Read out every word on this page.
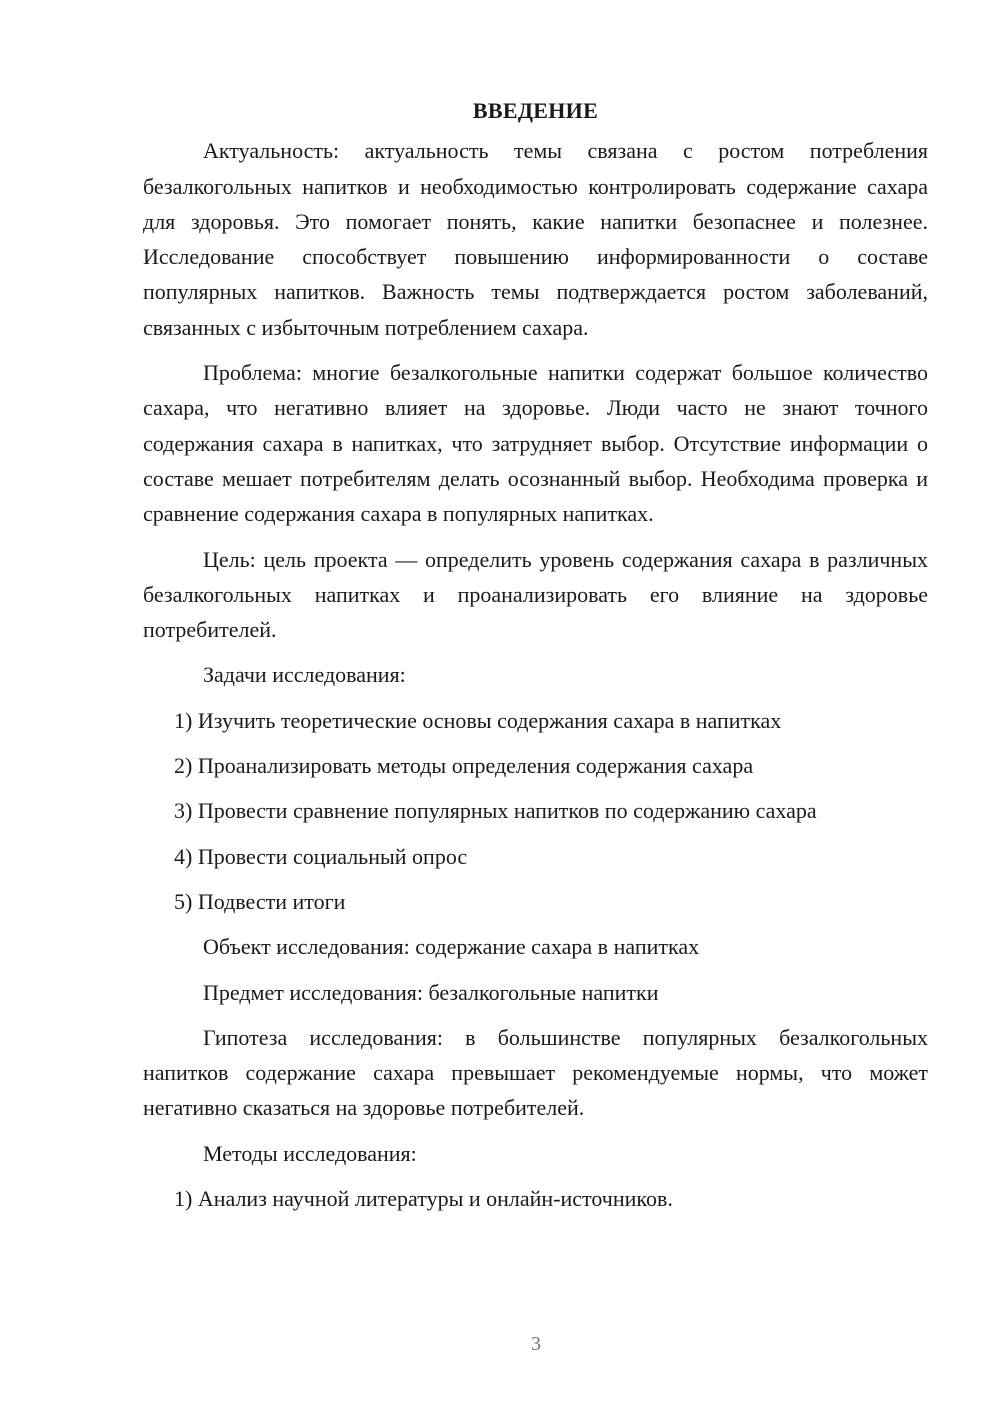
ВВЕДЕНИЕ

Актуальность: актуальность темы связана с ростом потребления безалкогольных напитков и необходимостью контролировать содержание сахара для здоровья. Это помогает понять, какие напитки безопаснее и полезнее. Исследование способствует повышению информированности о составе популярных напитков. Важность темы подтверждается ростом заболеваний, связанных с избыточным потреблением сахара.

Проблема: многие безалкогольные напитки содержат большое количество сахара, что негативно влияет на здоровье. Люди часто не знают точного содержания сахара в напитках, что затрудняет выбор. Отсутствие информации о составе мешает потребителям делать осознанный выбор. Необходима проверка и сравнение содержания сахара в популярных напитках.

Цель: цель проекта — определить уровень содержания сахара в различных безалкогольных напитках и проанализировать его влияние на здоровье потребителей.

Задачи исследования:
1) Изучить теоретические основы содержания сахара в напитках
2) Проанализировать методы определения содержания сахара
3) Провести сравнение популярных напитков по содержанию сахара
4) Провести социальный опрос
5) Подвести итоги
Объект исследования: содержание сахара в напитках
Предмет исследования: безалкогольные напитки

Гипотеза исследования: в большинстве популярных безалкогольных напитков содержание сахара превышает рекомендуемые нормы, что может негативно сказаться на здоровье потребителей.

Методы исследования:
1) Анализ научной литературы и онлайн-источников.
3
